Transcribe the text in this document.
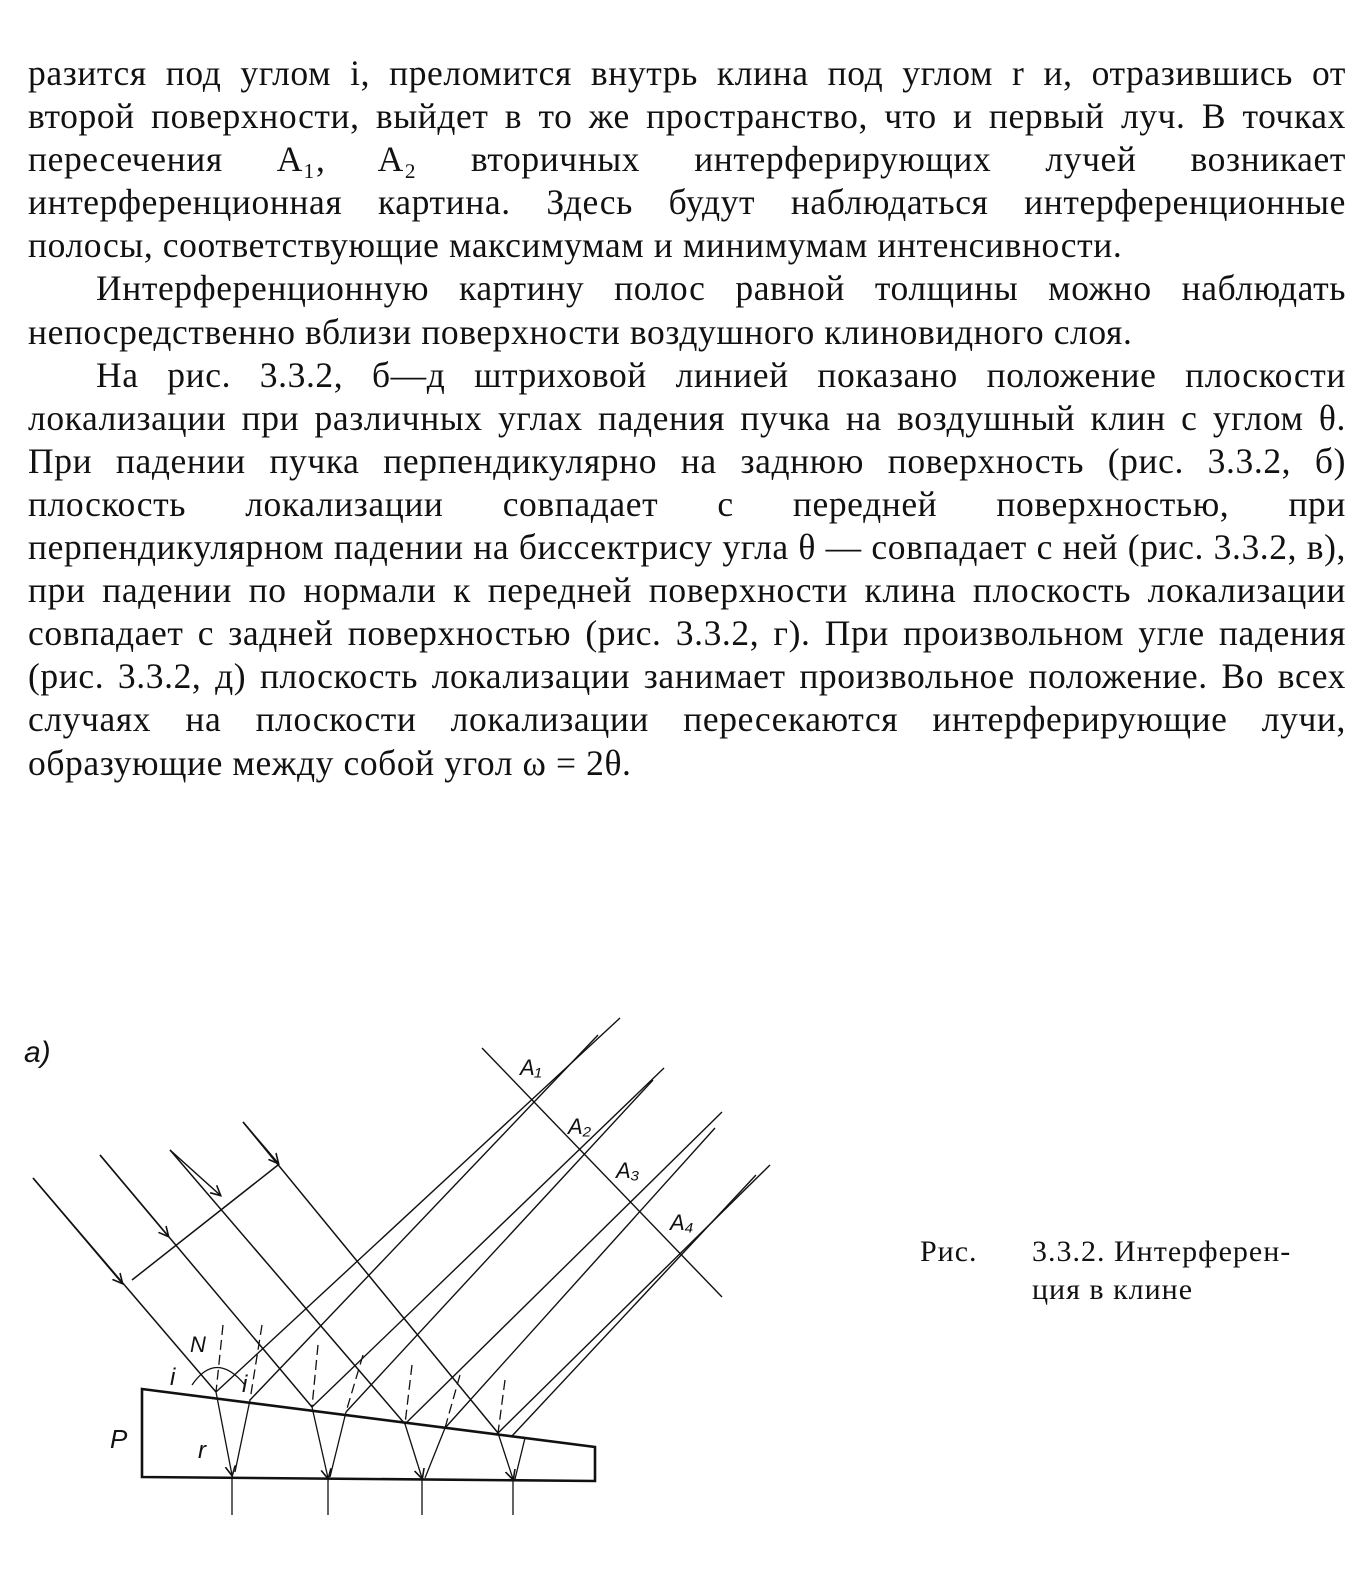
разится под углом i, преломится внутрь клина под углом r и, отразившись от второй поверхности, выйдет в то же пространство, что и первый луч. В точках пересечения A₁, A₂ вторичных интерферирующих лучей возникает интерференционная картина. Здесь будут наблюдаться интерференционные полосы, соответствующие максимумам и минимумам интенсивности.

Интерференционную картину полос равной толщины можно наблюдать непосредственно вблизи поверхности воздушного клиновидного слоя.

На рис. 3.3.2, б—д штриховой линией показано положение плоскости локализации при различных углах падения пучка на воздушный клин с углом θ. При падении пучка перпендикулярно на заднюю поверхность (рис. 3.3.2, б) плоскость локализации совпадает с передней поверхностью, при перпендикулярном падении на биссектрису угла θ — совпадает с ней (рис. 3.3.2, в), при падении по нормали к передней поверхности клина плоскость локализации совпадает с задней поверхностью (рис. 3.3.2, г). При произвольном угле падения (рис. 3.3.2, д) плоскость локализации занимает произвольное положение. Во всех случаях на плоскости локализации пересекаются интерферирующие лучи, образующие между собой угол ω = 2θ.

а)	A₁
A₂
A₃
A₄
N
i	i
r
P
Рис.	3.3.2. Интерферен-
ция в клине
